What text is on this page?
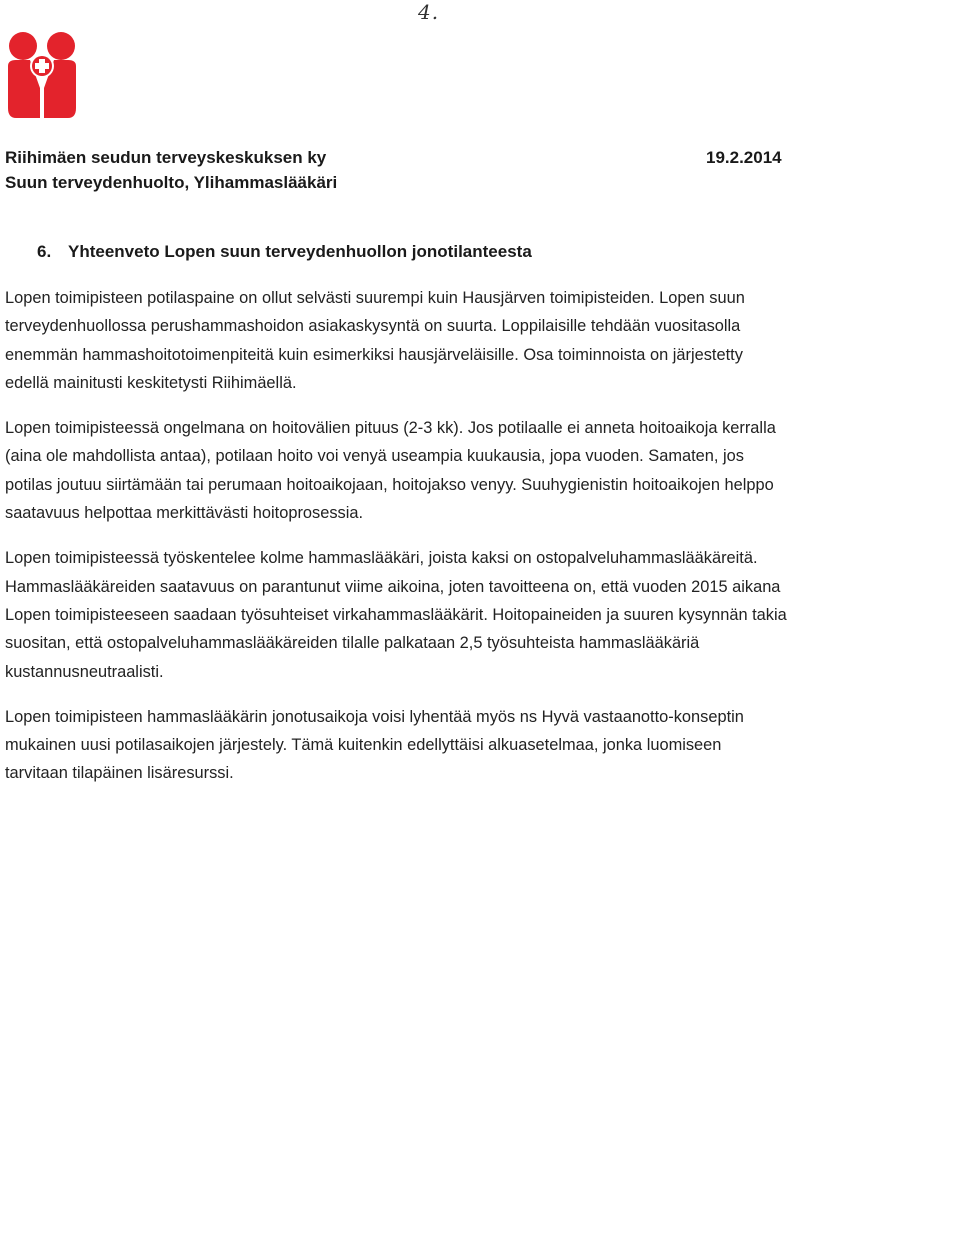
4.
Riihimäen seudun terveyskeskuksen ky
Suun terveydenhuolto, Ylihammaslääkäri
19.2.2014
6. Yhteenveto Lopen suun terveydenhuollon jonotilanteesta

Lopen toimipisteen potilaspaine on ollut selvästi suurempi kuin Hausjärven toimipisteiden. Lopen suun
terveydenhuollossa perushammashoidon asiakaskysyntä on suurta. Loppilaisille tehdään vuositasolla
enemmän hammashoitotoimenpiteitä kuin esimerkiksi hausjärveläisille. Osa toiminnoista on järjestetty
edellä mainitusti keskitetysti Riihimäellä.

Lopen toimipisteessä ongelmana on hoitovälien pituus (2-3 kk). Jos potilaalle ei anneta hoitoaikoja kerralla
(aina ole mahdollista antaa), potilaan hoito voi venyä useampia kuukausia, jopa vuoden. Samaten, jos
potilas joutuu siirtämään tai perumaan hoitoaikojaan, hoitojakso venyy. Suuhygienistin hoitoaikojen helppo
saatavuus helpottaa merkittävästi hoitoprosessia.

Lopen toimipisteessä työskentelee kolme hammaslääkäri, joista kaksi on ostopalveluhammaslääkäreitä.
Hammaslääkäreiden saatavuus on parantunut viime aikoina, joten tavoitteena on, että vuoden 2015 aikana
Lopen toimipisteeseen saadaan työsuhteiset virkahammaslääkärit. Hoitopaineiden ja suuren kysynnän takia
suositan, että ostopalveluhammaslääkäreiden tilalle palkataan 2,5 työsuhteista hammaslääkäriä
kustannusneutraalisti.

Lopen toimipisteen hammaslääkärin jonotusaikoja voisi lyhentää myös ns Hyvä vastaanotto-konseptin
mukainen uusi potilasaikojen järjestely. Tämä kuitenkin edellyttäisi alkuasetelmaa, jonka luomiseen
tarvitaan tilapäinen lisäresurssi.
